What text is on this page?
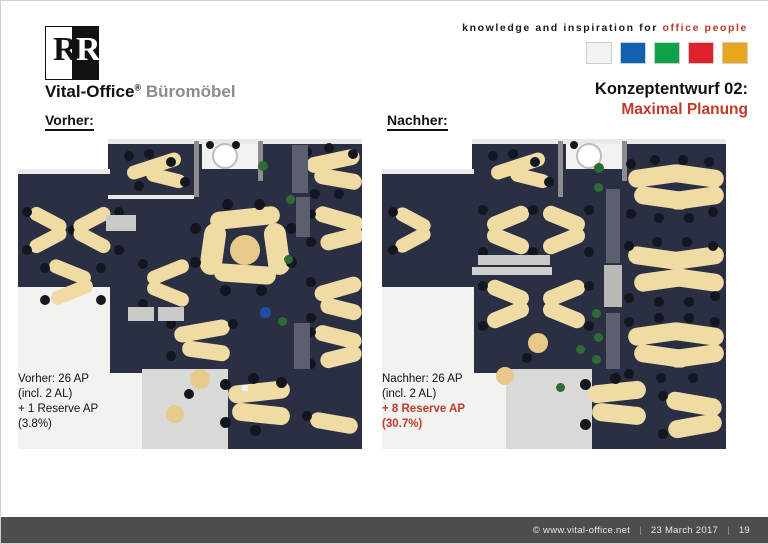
knowledge and inspiration for office people
R
R
Vital-Office® Büromöbel	Konzeptentwurf 02:
Maximal Planung
Vorher:	Nachher:
Vorher: 26 AP
(incl. 2 AL)
+ 1 Reserve AP
(3.8%)
Nachher: 26 AP
(incl. 2 AL)
+ 8 Reserve AP
(30.7%)
© www.vital-office.net | 23 March 2017 | 19
